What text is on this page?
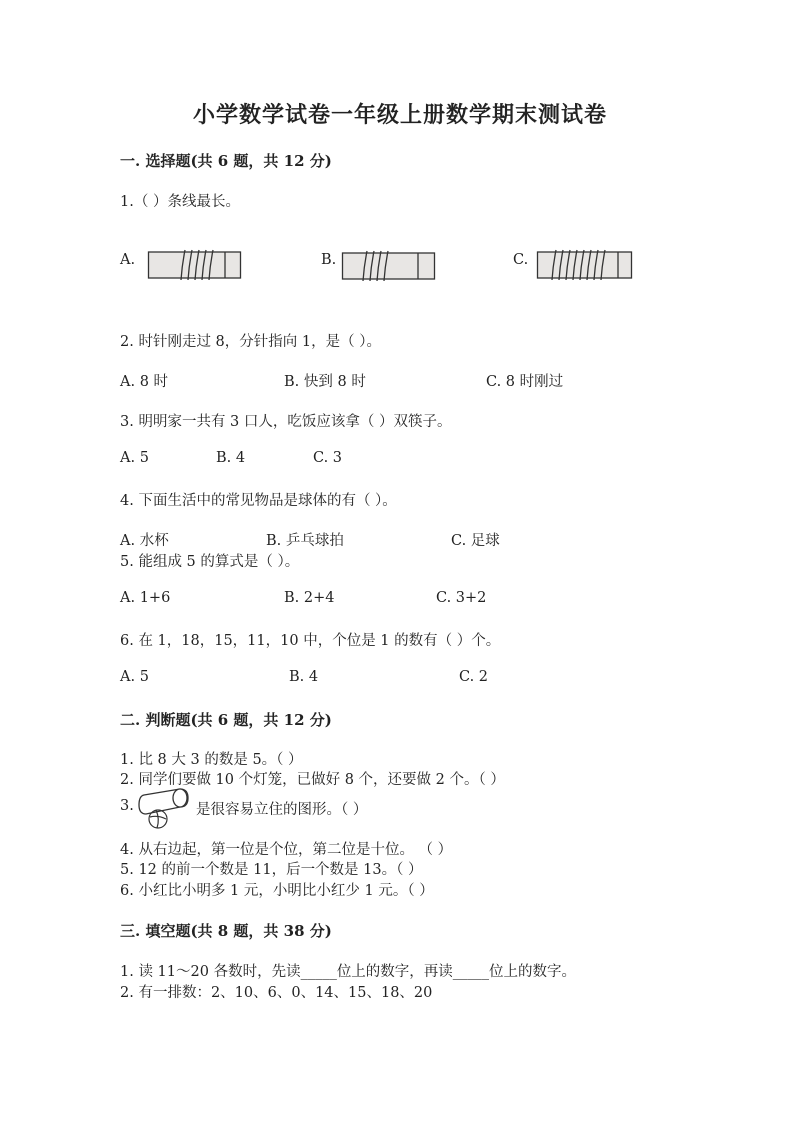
小学数学试卷一年级上册数学期末测试卷
一. 选择题(共 6 题，共 12 分)
1.（ ）条线最长。
A.	B.	C.
2. 时针刚走过 8，分针指向 1，是（ ）。
A. 8 时	B. 快到 8 时	C. 8 时刚过
3. 明明家一共有 3 口人，吃饭应该拿（ ）双筷子。
A. 5	B. 4	C. 3
4. 下面生活中的常见物品是球体的有（ ）。
A. 水杯	B. 乒乓球拍	C. 足球
5. 能组成 5 的算式是（ ）。
A. 1+6	B. 2+4	C. 3+2
6. 在 1，18，15，11，10 中，个位是 1 的数有（ ）个。
A. 5	B. 4	C. 2
二. 判断题(共 6 题，共 12 分)
1. 比 8 大 3 的数是 5。（ ）
2. 同学们要做 10 个灯笼，已做好 8 个，还要做 2 个。（ ）
3.	是很容易立住的图形。（ ）
4. 从右边起，第一位是个位，第二位是十位。 （ ）
5. 12 的前一个数是 11，后一个数是 13。（ ）
6. 小红比小明多 1 元，小明比小红少 1 元。（ ）
三. 填空题(共 8 题，共 38 分)
1. 读 11～20 各数时，先读_____位上的数字，再读_____位上的数字。
2. 有一排数：2、10、6、0、14、15、18、20
